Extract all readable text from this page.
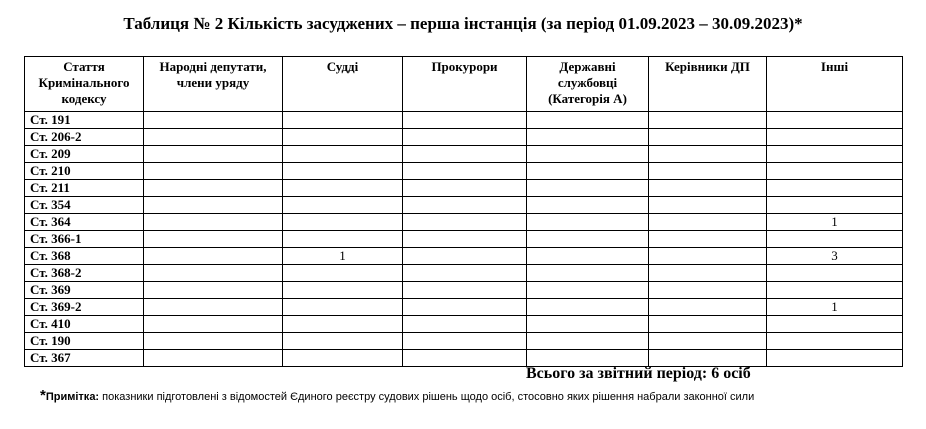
Таблиця № 2 Кількість засуджених – перша інстанція (за період 01.09.2023 – 30.09.2023)*
Стаття Кримінального кодексу	Народні депутати, члени уряду	Судді	Прокурори	Державні службовці (Категорія А)	Керівники ДП	Інші
Ст. 191						
Ст. 206-2						
Ст. 209						
Ст. 210						
Ст. 211						
Ст. 354						
Ст. 364						1
Ст. 366-1						
Ст. 368		1				3
Ст. 368-2						
Ст. 369						
Ст. 369-2						1
Ст. 410						
Ст. 190						
Ст. 367						
Всього за звітний період: 6 осіб
*Примітка: показники підготовлені з відомостей Єдиного реєстру судових рішень щодо осіб, стосовно яких рішення набрали законної сили
